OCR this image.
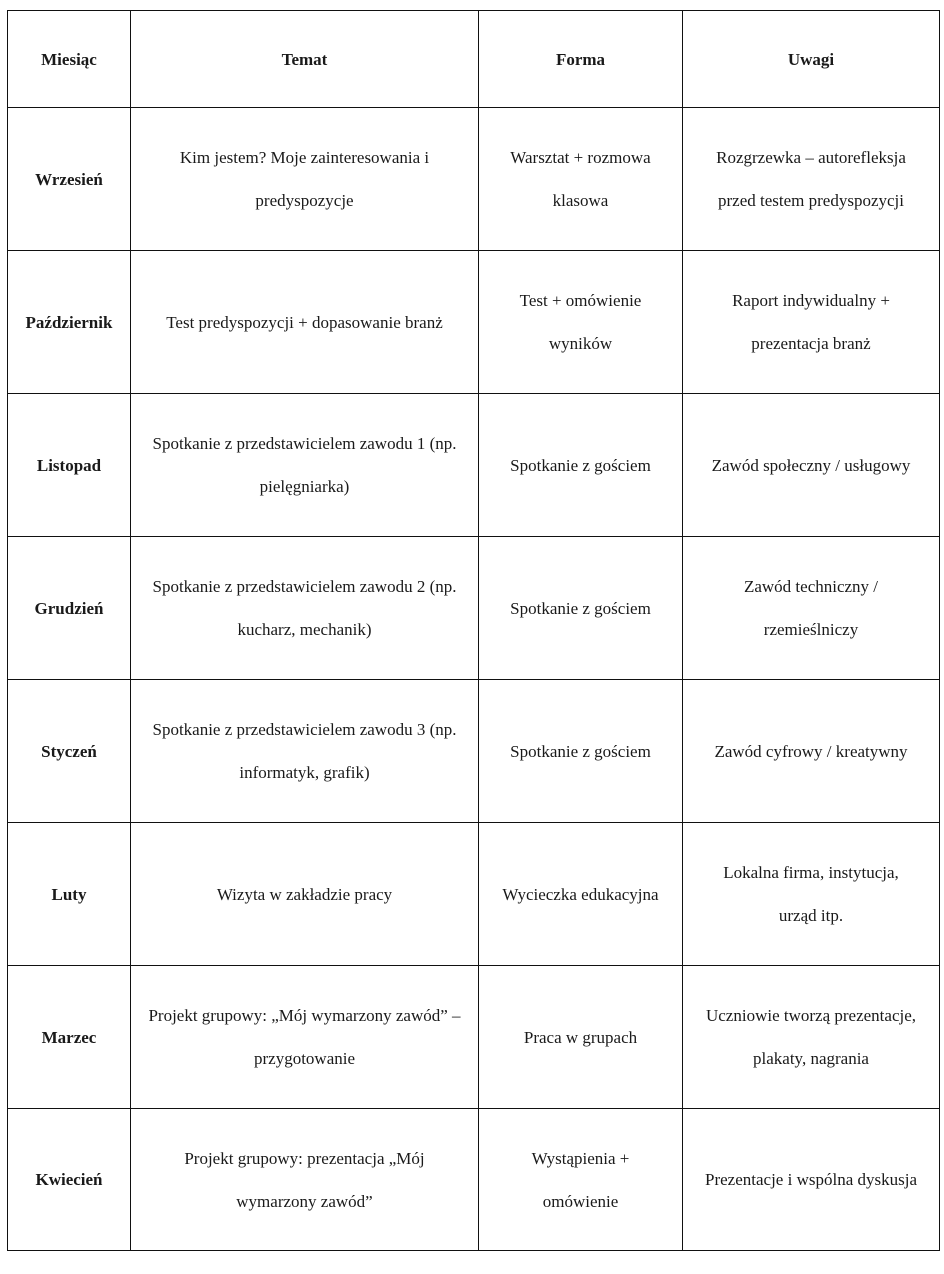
Miesiąc	Temat	Forma	Uwagi
Wrzesień	Kim jestem? Moje zainteresowania i predyspozycje	Warsztat + rozmowa klasowa	Rozgrzewka – autorefleksja przed testem predyspozycji
Październik	Test predyspozycji + dopasowanie branż	Test + omówienie wyników	Raport indywidualny + prezentacja branż
Listopad	Spotkanie z przedstawicielem zawodu 1 (np. pielęgniarka)	Spotkanie z gościem	Zawód społeczny / usługowy
Grudzień	Spotkanie z przedstawicielem zawodu 2 (np. kucharz, mechanik)	Spotkanie z gościem	Zawód techniczny / rzemieślniczy
Styczeń	Spotkanie z przedstawicielem zawodu 3 (np. informatyk, grafik)	Spotkanie z gościem	Zawód cyfrowy / kreatywny
Luty	Wizyta w zakładzie pracy	Wycieczka edukacyjna	Lokalna firma, instytucja, urząd itp.
Marzec	Projekt grupowy: „Mój wymarzony zawód” – przygotowanie	Praca w grupach	Uczniowie tworzą prezentacje, plakaty, nagrania
Kwiecień	Projekt grupowy: prezentacja „Mój wymarzony zawód”	Wystąpienia + omówienie	Prezentacje i wspólna dyskusja
